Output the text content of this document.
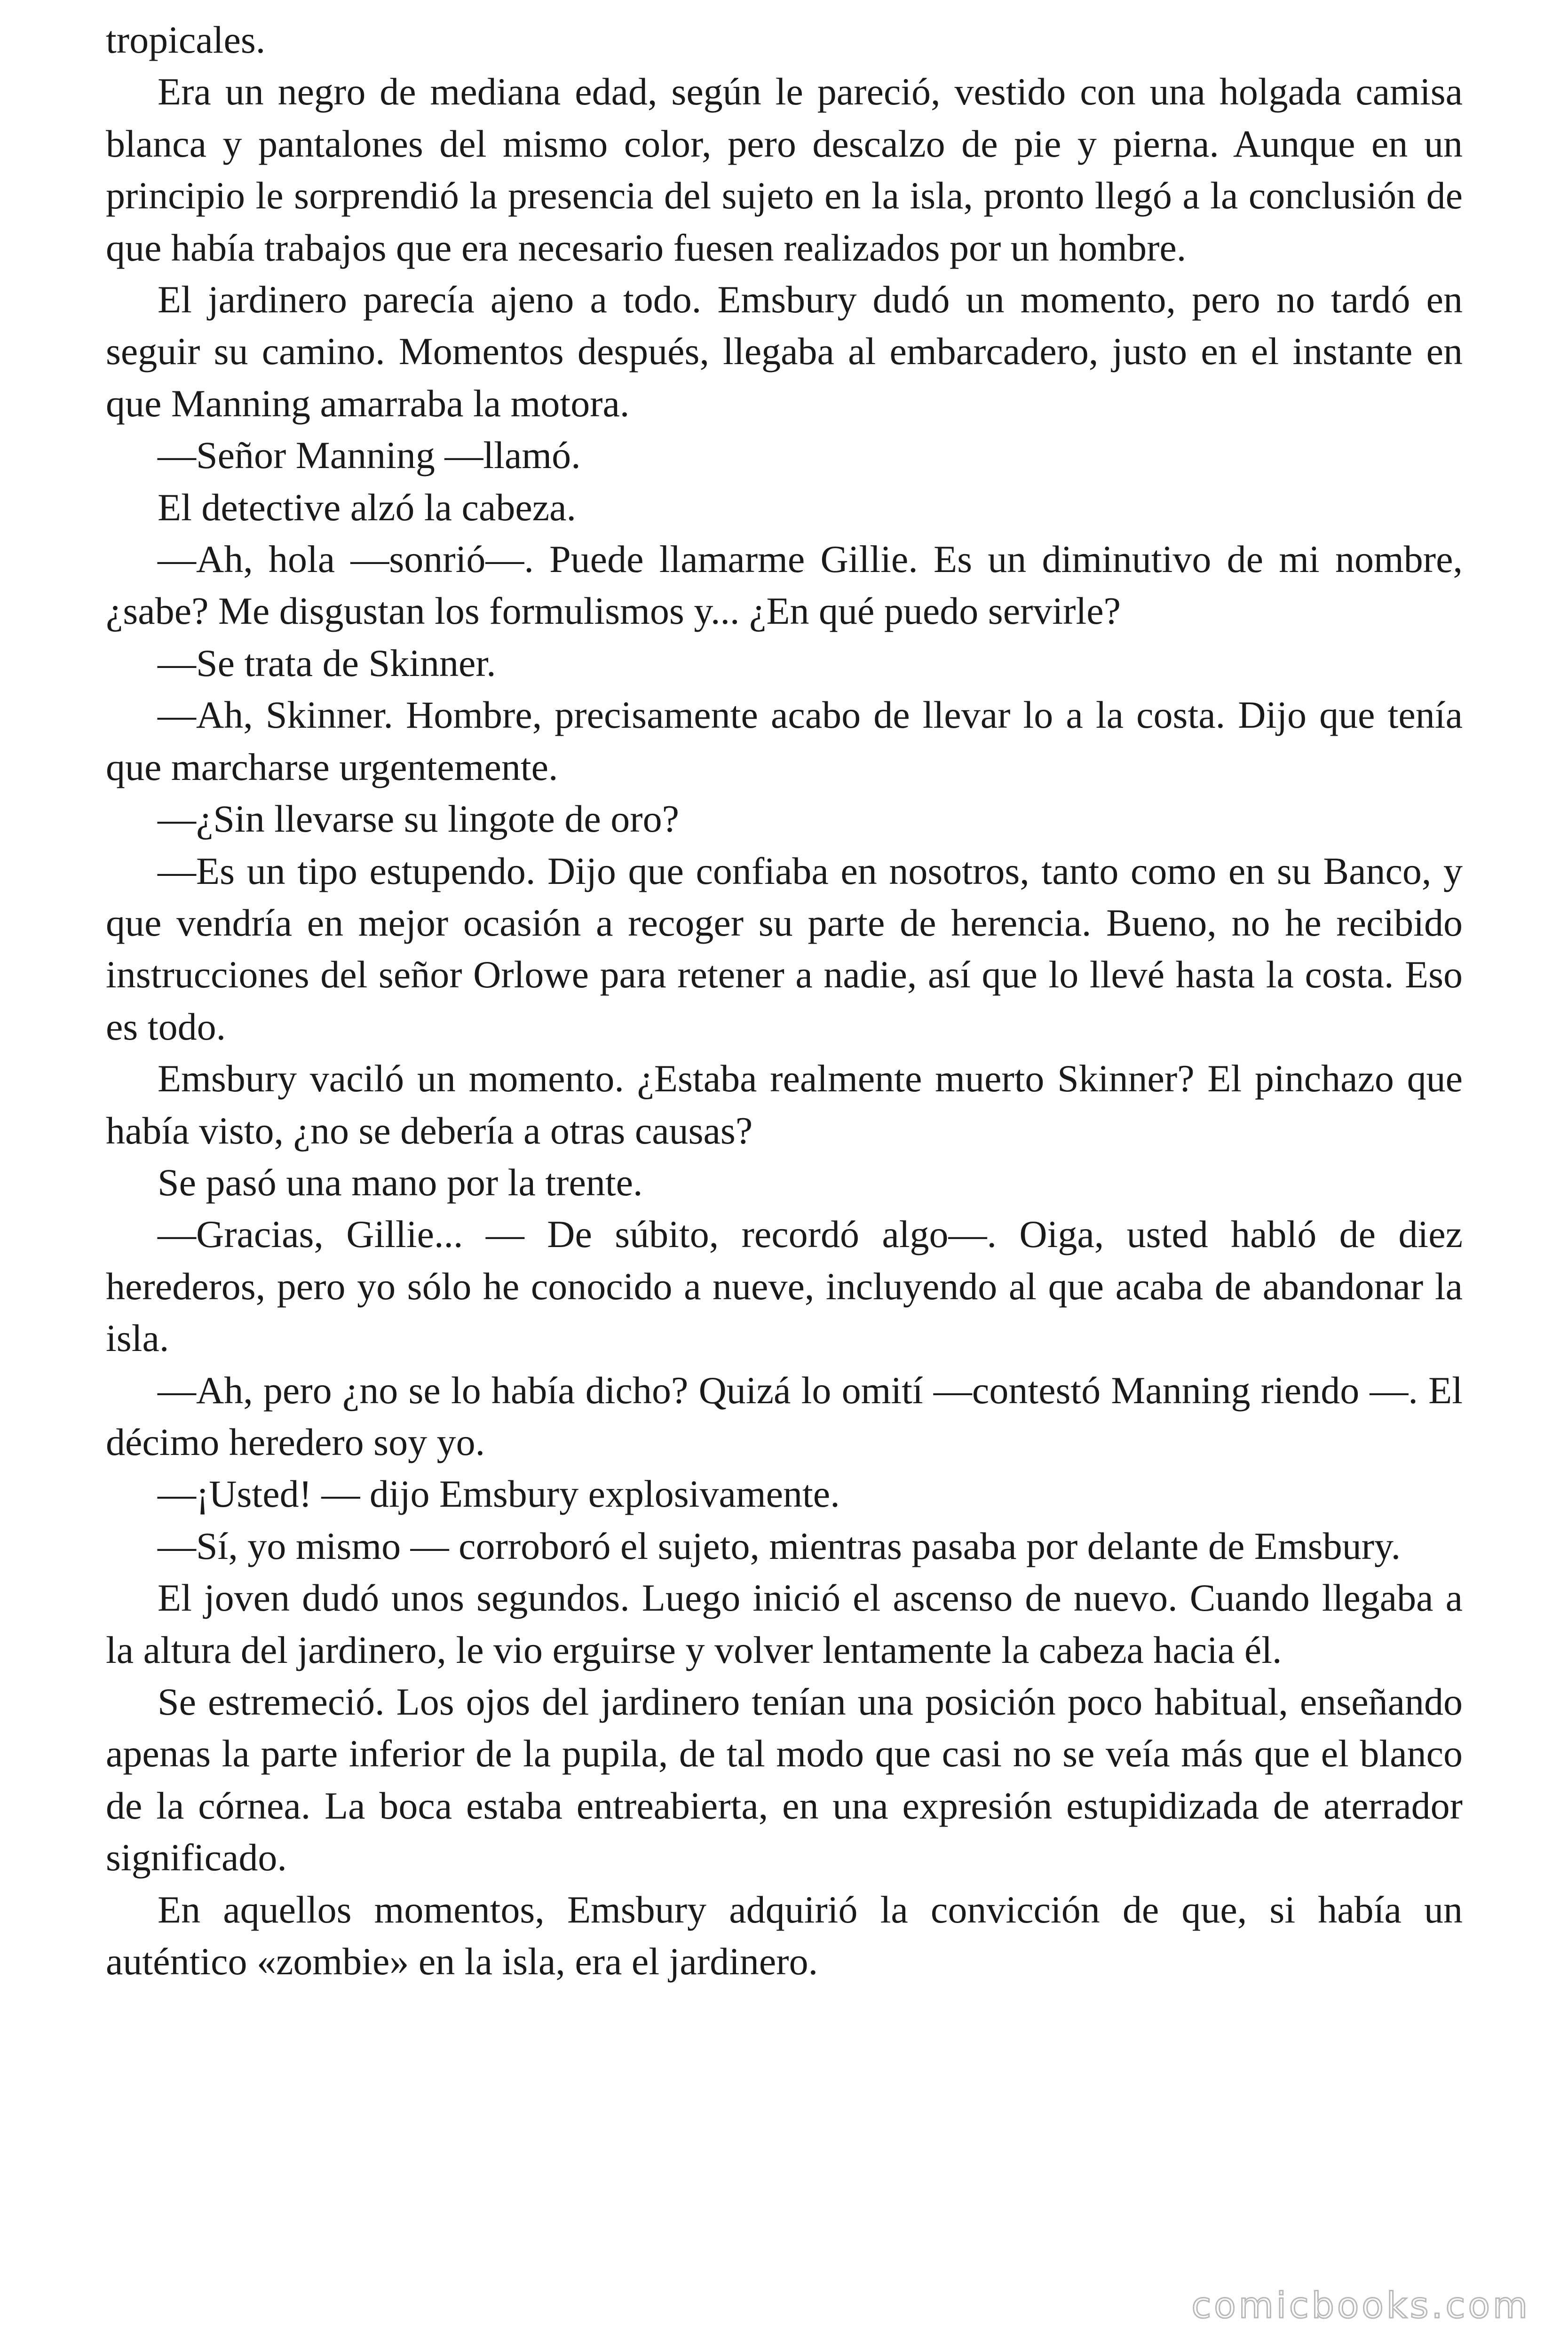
tropicales.

Era un negro de mediana edad, según le pareció, vestido con una holgada camisa blanca y pantalones del mismo color, pero descalzo de pie y pierna. Aunque en un principio le sorprendió la presencia del sujeto en la isla, pronto llegó a la conclusión de que había trabajos que era necesario fuesen realizados por un hombre.

El jardinero parecía ajeno a todo. Emsbury dudó un momento, pero no tardó en seguir su camino. Momentos después, llegaba al embarcadero, justo en el instante en que Manning amarraba la motora.

—Señor Manning —llamó.

El detective alzó la cabeza.

—Ah, hola —sonrió—. Puede llamarme Gillie. Es un diminutivo de mi nombre, ¿sabe? Me disgustan los formulismos y... ¿En qué puedo servirle?

—Se trata de Skinner.

—Ah, Skinner. Hombre, precisamente acabo de llevar lo a la costa. Dijo que tenía que marcharse urgentemente.

—¿Sin llevarse su lingote de oro?

—Es un tipo estupendo. Dijo que confiaba en nosotros, tanto como en su Banco, y que vendría en mejor ocasión a recoger su parte de herencia. Bueno, no he recibido instrucciones del señor Orlowe para retener a nadie, así que lo llevé hasta la costa. Eso es todo.

Emsbury vaciló un momento. ¿Estaba realmente muerto Skinner? El pinchazo que había visto, ¿no se debería a otras causas?

Se pasó una mano por la trente.

—Gracias, Gillie... — De súbito, recordó algo—. Oiga, usted habló de diez herederos, pero yo sólo he conocido a nueve, incluyendo al que acaba de abandonar la isla.

—Ah, pero ¿no se lo había dicho? Quizá lo omití —contestó Manning riendo —. El décimo heredero soy yo.

—¡Usted! — dijo Emsbury explosivamente.

—Sí, yo mismo — corroboró el sujeto, mientras pasaba por delante de Emsbury.

El joven dudó unos segundos. Luego inició el ascenso de nuevo. Cuando llegaba a la altura del jardinero, le vio erguirse y volver lentamente la cabeza hacia él.

Se estremeció. Los ojos del jardinero tenían una posición poco habitual, enseñando apenas la parte inferior de la pupila, de tal modo que casi no se veía más que el blanco de la córnea. La boca estaba entreabierta, en una expresión estupidizada de aterrador significado.

En aquellos momentos, Emsbury adquirió la convicción de que, si había un auténtico «zombie» en la isla, era el jardinero.

comicbooks.com
